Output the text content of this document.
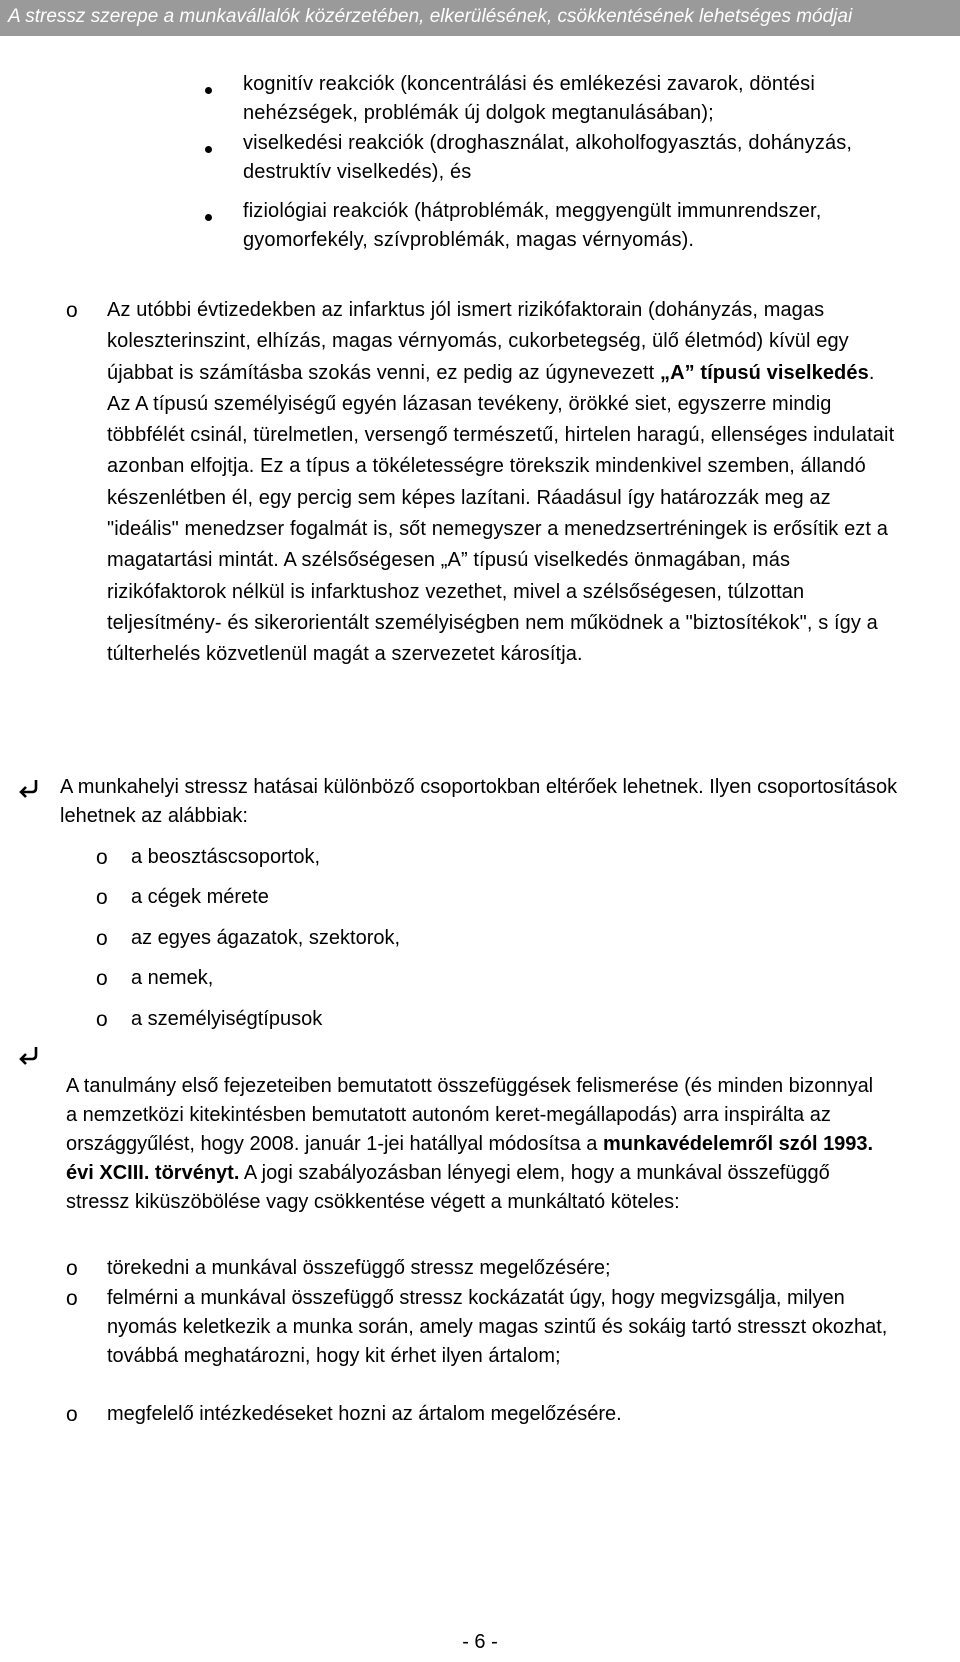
A stressz szerepe a munkavállalók közérzetében, elkerülésének, csökkentésének lehetséges módjai
kognitív reakciók (koncentrálási és emlékezési zavarok, döntési nehézségek, problémák új dolgok megtanulásában);
viselkedési reakciók (droghasználat, alkoholfogyasztás, dohányzás, destruktív viselkedés), és
fiziológiai reakciók (hátproblémák, meggyengült immunrendszer, gyomorfekély, szívproblémák, magas vérnyomás).
o Az utóbbi évtizedekben az infarktus jól ismert rizikófaktorain (dohányzás, magas koleszterinszint, elhízás, magas vérnyomás, cukorbetegség, ülő életmód) kívül egy újabbat is számításba szokás venni, ez pedig az úgynevezett „A” típusú viselkedés. Az A típusú személyiségű egyén lázasan tevékeny, örökké siet, egyszerre mindig többfélét csinál, türelmetlen, versengő természetű, hirtelen haragú, ellenséges indulatait azonban elfojtja. Ez a típus a tökéletességre törekszik mindenkivel szemben, állandó készenlétben él, egy percig sem képes lazítani. Ráadásul így határozzák meg az "ideális" menedzser fogalmát is, sőt nemegyszer a menedzsertréningek is erősítik ezt a magatartási mintát. A szélsőségesen „A” típusú viselkedés önmagában, más rizikófaktorok nélkül is infarktushoz vezethet, mivel a szélsőségesen, túlzottan teljesítmény- és sikerorientált személyiségben nem működnek a "biztosítékok", s így a túlterhelés közvetlenül magát a szervezetet károsítja.
A munkahelyi stressz hatásai különböző csoportokban eltérőek lehetnek. Ilyen csoportosítások lehetnek az alábbiak:
o a beosztáscsoportok,
o a cégek mérete
o az egyes ágazatok, szektorok,
o a nemek,
o a személyiségtípusok
A tanulmány első fejezeteiben bemutatott összefüggések felismerése (és minden bizonnyal a nemzetközi kitekintésben bemutatott autonóm keret-megállapodás) arra inspirálta az országgyűlést, hogy 2008. január 1-jei hatállyal módosítsa a munkavédelemről szól 1993. évi XCIII. törvényt. A jogi szabályozásban lényegi elem, hogy a munkával összefüggő stressz kiküszöbölése vagy csökkentése végett a munkáltató köteles:
o törekedni a munkával összefüggő stressz megelőzésére;
o felmérni a munkával összefüggő stressz kockázatát úgy, hogy megvizsgálja, milyen nyomás keletkezik a munka során, amely magas szintű és sokáig tartó stresszt okozhat, továbbá meghatározni, hogy kit érhet ilyen ártalom;
o megfelelő intézkedéseket hozni az ártalom megelőzésére.
- 6 -
